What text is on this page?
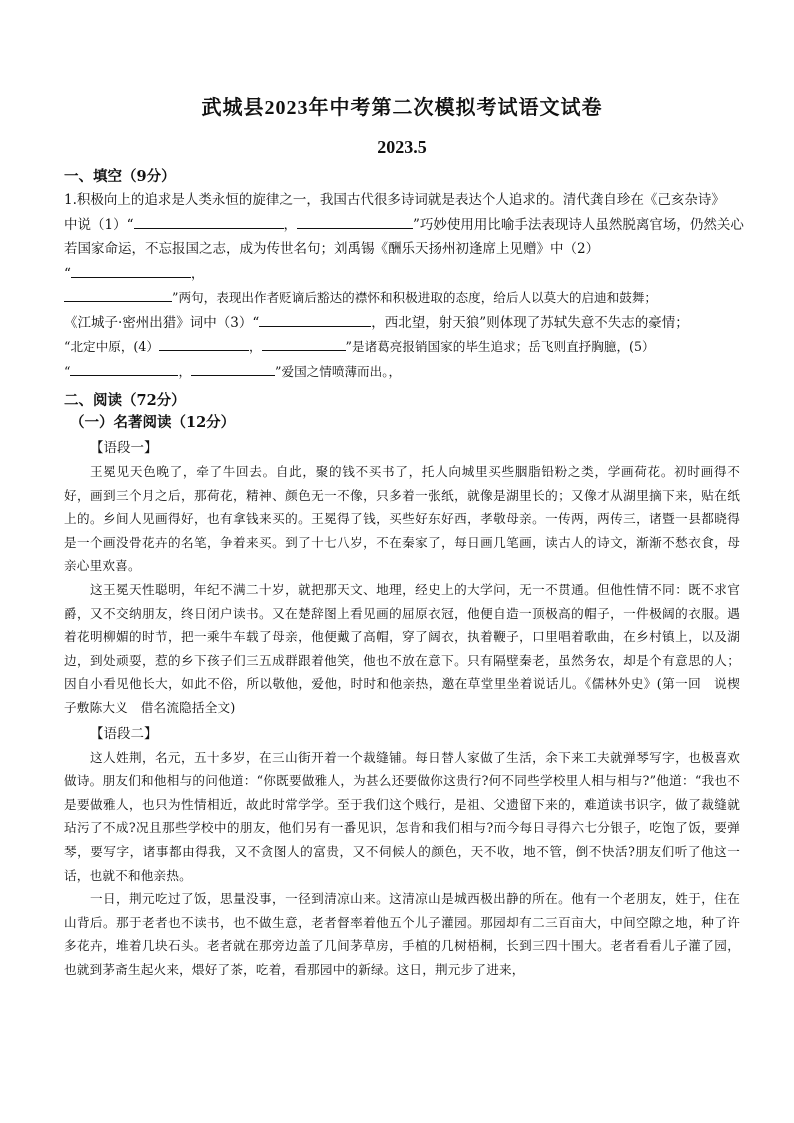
武城县2023年中考第二次模拟考试语文试卷
2023.5
一、填空（9分）

1.积极向上的追求是人类永恒的旋律之一，我国古代很多诗词就是表达个人追求的。清代龚自珍在《己亥杂诗》

中说（1）“	，	”巧妙使用用比喻手法表现诗人虽然脱离官场，仍然关心

若国家命运，不忘报国之志，成为传世名句；刘禹锡《酬乐天扬州初逢席上见赠》中（2）

“	，

”两句，表现出作者贬谪后豁达的襟怀和积极进取的态度，给后人以莫大的启迪和鼓舞；

《江城子·密州出猎》词中（3）“	，西北望，射天狼”则体现了苏轼失意不失志的豪情；

“北定中原，(4）	，	”是诸葛亮报销国家的毕生追求；岳飞则直抒胸臆，(5）

“	，	”爱国之情喷薄而出。，

二、阅读（72分）
（一）名著阅读（12分）
【语段一】

王冕见天色晚了，牵了牛回去。自此，聚的钱不买书了，托人向城里买些胭脂铅粉之类，学画荷花。初时画得不好，画到三个月之后，那荷花，精神、颜色无一不像，只多着一张纸，就像是湖里长的；又像才从湖里摘下来，贴在纸上的。乡间人见画得好，也有拿钱来买的。王冕得了钱，买些好东好西，孝敬母亲。一传两，两传三，诸暨一县都晓得是一个画没骨花卉的名笔，争着来买。到了十七八岁，不在秦家了，每日画几笔画，读古人的诗文，渐渐不愁衣食，母亲心里欢喜。

这王冕天性聪明，年纪不满二十岁，就把那天文、地理，经史上的大学问，无一不贯通。但他性情不同：既不求官爵，又不交纳朋友，终日闭户读书。又在楚辞图上看见画的屈原衣冠，他便自造一顶极高的帽子，一件极阔的衣服。遇着花明柳媚的时节，把一乘牛车载了母亲，他便戴了高帽，穿了阔衣，执着鞭子，口里唱着歌曲，在乡村镇上，以及湖边，到处顽耍，惹的乡下孩子们三五成群跟着他笑，他也不放在意下。只有隔壁秦老，虽然务农，却是个有意思的人；因自小看见他长大，如此不俗，所以敬他，爱他，时时和他亲热，邀在草堂里坐着说话儿。《儒林外史》(第一回　说楔子敷陈大义　借名流隐括全文)

【语段二】

这人姓荆，名元，五十多岁，在三山街开着一个裁缝铺。每日替人家做了生活，余下来工夫就弹琴写字，也极喜欢做诗。朋友们和他相与的问他道：“你既要做雅人，为甚么还要做你这贵行?何不同些学校里人相与相与?”他道：“我也不是要做雅人，也只为性情相近，故此时常学学。至于我们这个贱行，是祖、父遗留下来的，难道读书识字，做了裁缝就玷污了不成?况且那些学校中的朋友，他们另有一番见识，怎肯和我们相与?而今每日寻得六七分银子，吃饱了饭，要弹琴，要写字，诸事都由得我，又不贪图人的富贵，又不伺候人的颜色，天不收，地不管，倒不快活?朋友们听了他这一话，也就不和他亲热。

一日，荆元吃过了饭，思量没事，一径到清凉山来。这清凉山是城西极出静的所在。他有一个老朋友，姓于，住在山背后。那于老者也不读书，也不做生意，老者督率着他五个儿子灌园。那园却有二三百亩大，中间空隙之地，种了许多花卉，堆着几块石头。老者就在那旁边盖了几间茅草房，手植的几树梧桐，长到三四十围大。老者看看儿子灌了园，也就到茅斋生起火来，煨好了茶，吃着，看那园中的新绿。这日，荆元步了进来，
